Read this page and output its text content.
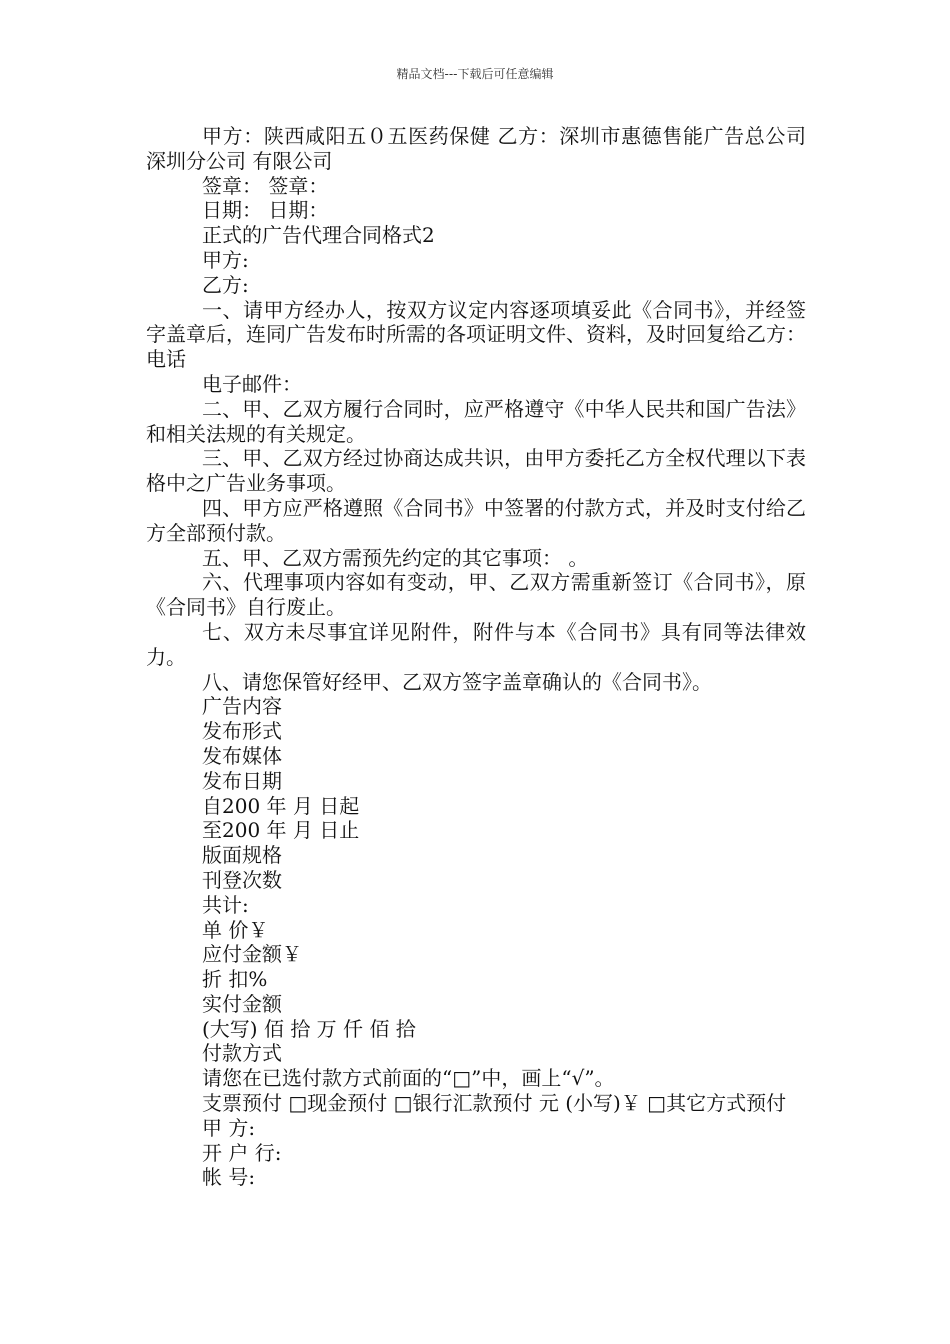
精品文档---下载后可任意编辑

甲方：陕西咸阳五０五医药保健 乙方：深圳市惠德售能广告总公司深圳分公司 有限公司

签章： 签章：

日期： 日期：

正式的广告代理合同格式2

甲方:

乙方:

一、请甲方经办人，按双方议定内容逐项填妥此《合同书》，并经签字盖章后，连同广告发布时所需的各项证明文件、资料，及时回复给乙方：电话

电子邮件：

二、甲、乙双方履行合同时，应严格遵守《中华人民共和国广告法》和相关法规的有关规定。

三、甲、乙双方经过协商达成共识，由甲方委托乙方全权代理以下表格中之广告业务事项。

四、甲方应严格遵照《合同书》中签署的付款方式，并及时支付给乙方全部预付款。

五、甲、乙双方需预先约定的其它事项： 。

六、代理事项内容如有变动，甲、乙双方需重新签订《合同书》，原《合同书》自行废止。

七、双方未尽事宜详见附件，附件与本《合同书》具有同等法律效力。

八、请您保管好经甲、乙双方签字盖章确认的《合同书》。

广告内容

发布形式

发布媒体

发布日期

自200 年 月 日起

至200 年 月 日止

版面规格

刊登次数

共计:

单 价￥

应付金额￥

折 扣%

实付金额

(大写) 佰 拾 万 仟 佰 拾

付款方式

请您在已选付款方式前面的“□”中，画上“√”。

支票预付 □现金预付 □银行汇款预付 元 (小写)￥ □其它方式预付

甲 方:

开 户 行:

帐 号:
